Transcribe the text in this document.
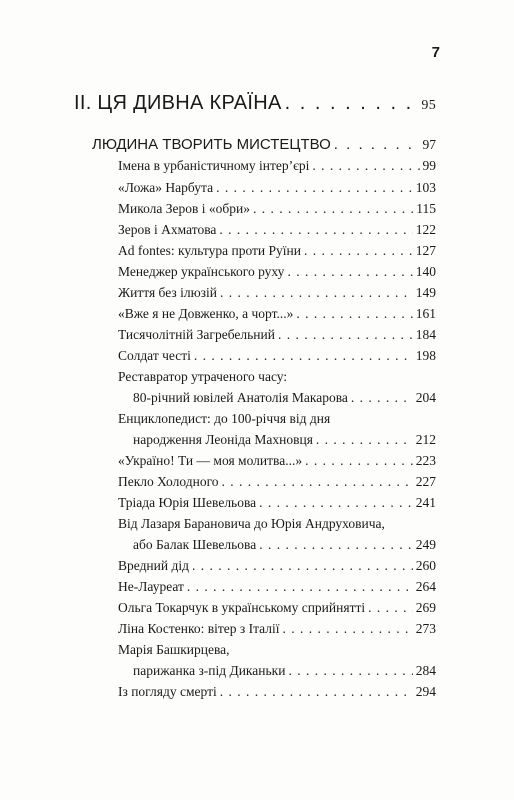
7
II. ЦЯ ДИВНА КРАЇНА . . .	95
ЛЮДИНА ТВОРИТЬ МИСТЕЦТВО . . .	97
Імена в урбаністичному інтер’єрі . . .	99
«Ложа» Нарбута . . .	103
Микола Зеров і «обри» . . .	115
Зеров і Ахматова . . .	122
Ad fontes: культура проти Руїни . . .	127
Менеджер українського руху . . .	140
Життя без ілюзій . . .	149
«Вже я не Довженко, а чорт...» . . .	161
Тисячолітній Загребельний . . .	184
Солдат честі . . .	198
Реставратор утраченого часу:
80-річний ювілей Анатолія Макарова . . .	204
Енциклопедист: до 100-річчя від дня
народження Леоніда Махновця . . .	212
«Україно! Ти — моя молитва...» . . .	223
Пекло Холодного . . .	227
Тріада Юрія Шевельова . . .	241
Від Лазаря Барановича до Юрія Андруховича,
або Балак Шевельова . . .	249
Вредний дід . . .	260
Не-Лауреат . . .	264
Ольга Токарчук в українському сприйнятті . . .	269
Ліна Костенко: вітер з Італії . . .	273
Марія Башкирцева,
парижанка з-під Диканьки . . .	284
Із погляду смерті . . .	294
